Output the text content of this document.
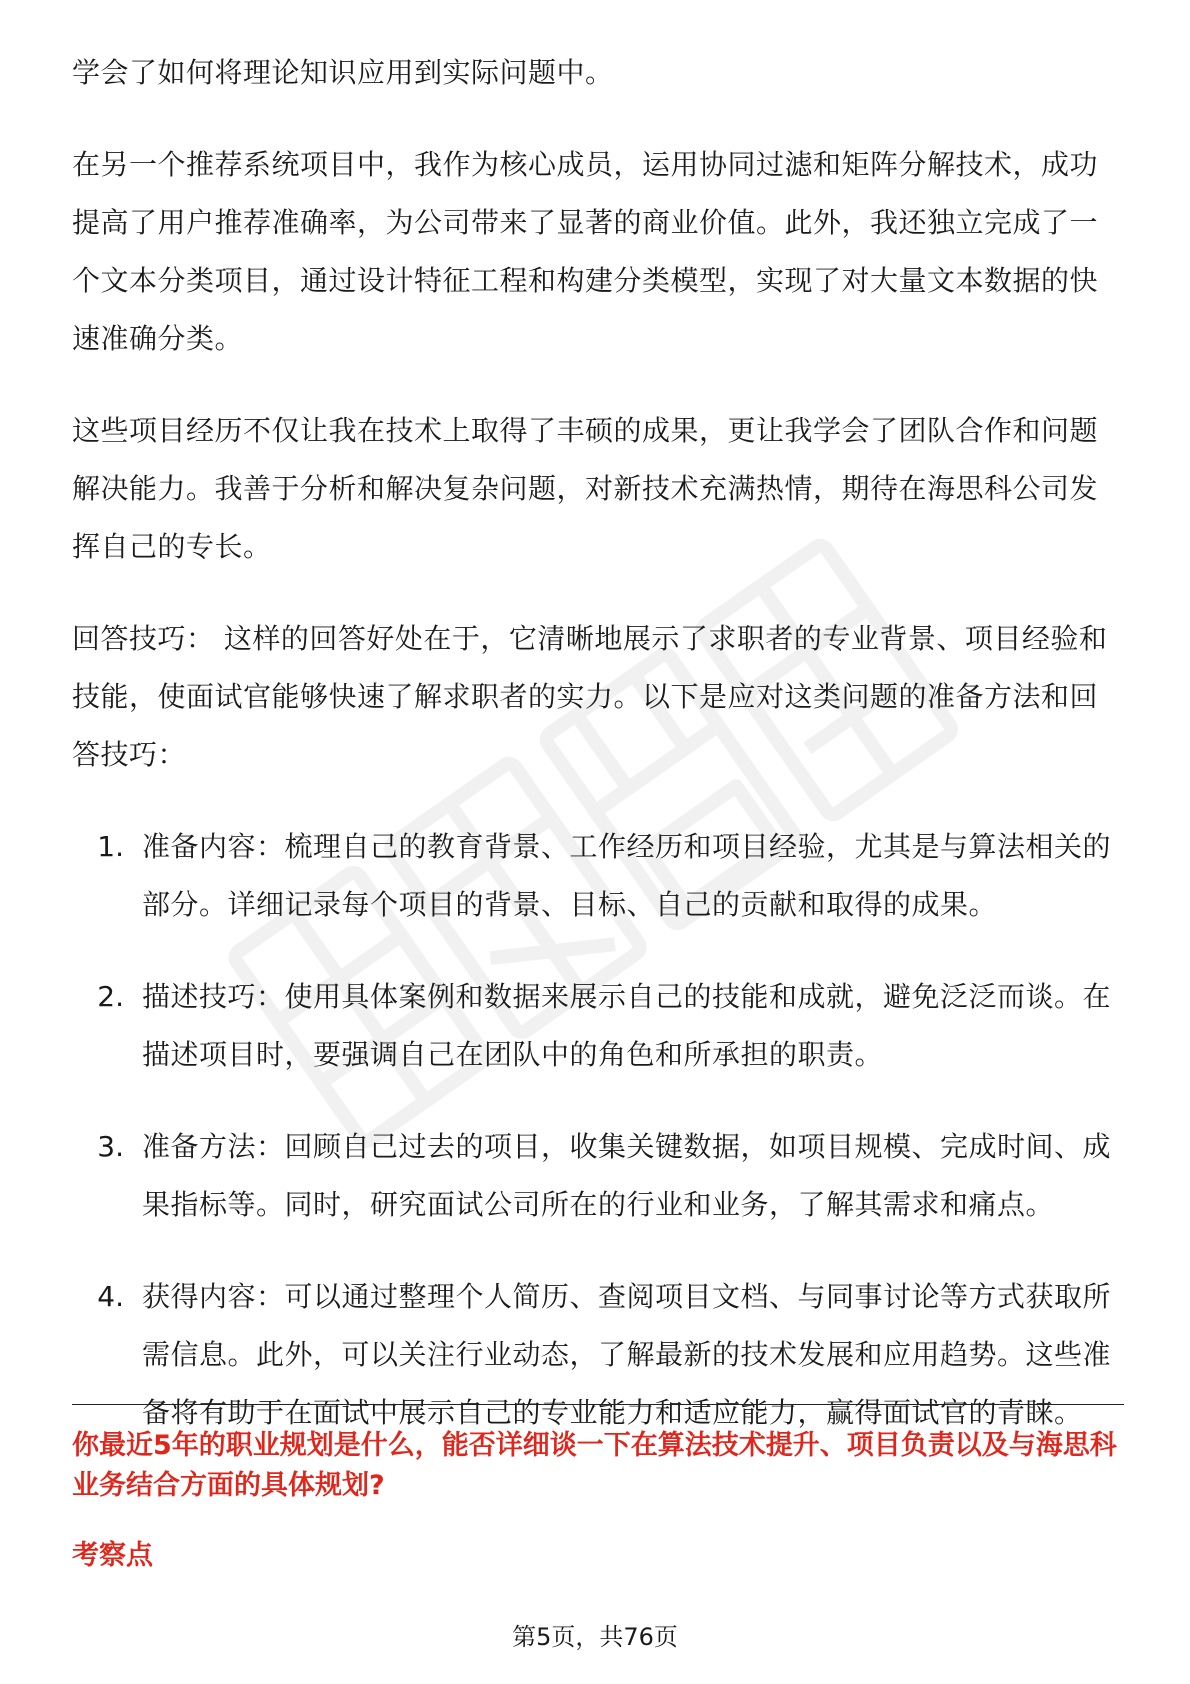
学会了如何将理论知识应用到实际问题中。

在另一个推荐系统项目中，我作为核心成员，运用协同过滤和矩阵分解技术，成功提高了用户推荐准确率，为公司带来了显著的商业价值。此外，我还独立完成了一个文本分类项目，通过设计特征工程和构建分类模型，实现了对大量文本数据的快速准确分类。

这些项目经历不仅让我在技术上取得了丰硕的成果，更让我学会了团队合作和问题解决能力。我善于分析和解决复杂问题，对新技术充满热情，期待在海思科公司发挥自己的专长。

回答技巧： 这样的回答好处在于，它清晰地展示了求职者的专业背景、项目经验和技能，使面试官能够快速了解求职者的实力。以下是应对这类问题的准备方法和回答技巧：

1. 准备内容：梳理自己的教育背景、工作经历和项目经验，尤其是与算法相关的部分。详细记录每个项目的背景、目标、自己的贡献和取得的成果。
2. 描述技巧：使用具体案例和数据来展示自己的技能和成就，避免泛泛而谈。在描述项目时，要强调自己在团队中的角色和所承担的职责。
3. 准备方法：回顾自己过去的项目，收集关键数据，如项目规模、完成时间、成果指标等。同时，研究面试公司所在的行业和业务，了解其需求和痛点。
4. 获得内容：可以通过整理个人简历、查阅项目文档、与同事讨论等方式获取所需信息。此外，可以关注行业动态，了解最新的技术发展和应用趋势。这些准备将有助于在面试中展示自己的专业能力和适应能力，赢得面试官的青睐。

你最近5年的职业规划是什么，能否详细谈一下在算法技术提升、项目负责以及与海思科业务结合方面的具体规划?

考察点

第5页，共76页
